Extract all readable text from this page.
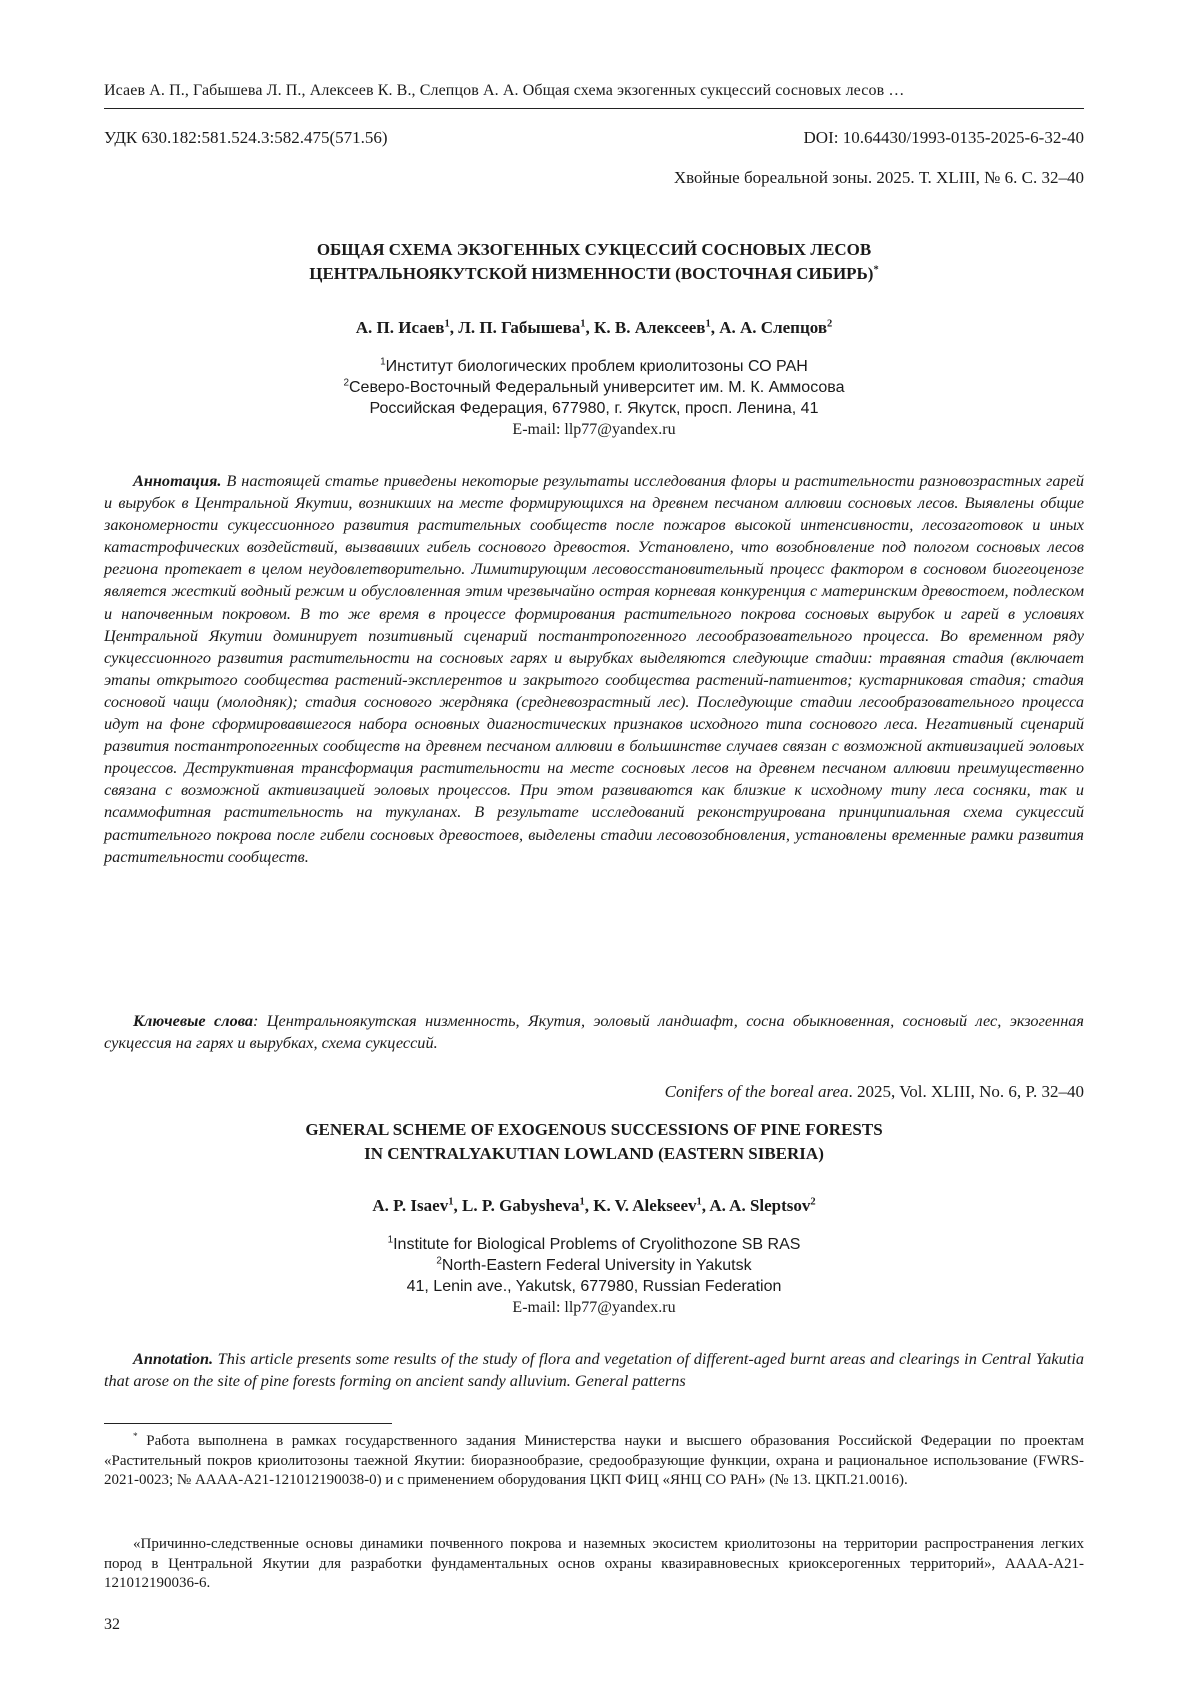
Исаев А. П., Габышева Л. П., Алексеев К. В., Слепцов А. А. Общая схема экзогенных сукцессий сосновых лесов …
УДК 630.182:581.524.3:582.475(571.56)	DOI: 10.64430/1993-0135-2025-6-32-40
Хвойные бореальной зоны. 2025. Т. XLIII, № 6. С. 32–40
ОБЩАЯ СХЕМА ЭКЗОГЕННЫХ СУКЦЕССИЙ СОСНОВЫХ ЛЕСОВ
ЦЕНТРАЛЬНОЯКУТСКОЙ НИЗМЕННОСТИ (ВОСТОЧНАЯ СИБИРЬ)*
А. П. Исаев$^1$, Л. П. Габышева$^1$, К. В. Алексеев$^1$, А. А. Слепцов$^2$
$^1$Институт биологических проблем криолитозоны СО РАН
$^2$Северо-Восточный Федеральный университет им. М. К. Аммосова
Российская Федерация, 677980, г. Якутск, просп. Ленина, 41
E-mail: llp77@yandex.ru

Аннотация. В настоящей статье приведены некоторые результаты исследования флоры и растительности разновозрастных гарей и вырубок в Центральной Якутии, возникших на месте формирующихся на древнем песчаном аллювии сосновых лесов. Выявлены общие закономерности сукцессионного развития растительных сообществ после пожаров высокой интенсивности, лесозаготовок и иных катастрофических воздействий, вызвавших гибель соснового древостоя. Установлено, что возобновление под пологом сосновых лесов региона протекает в целом неудовлетворительно. Лимитирующим лесовосстановительный процесс фактором в сосновом биогеоценозе является жесткий водный режим и обусловленная этим чрезвычайно острая корневая конкуренция с материнским древостоем, подлеском и напочвенным покровом. В то же время в процессе формирования растительного покрова сосновых вырубок и гарей в условиях Центральной Якутии доминирует позитивный сценарий постантропогенного лесообразовательного процесса. Во временном ряду сукцессионного развития растительности на сосновых гарях и вырубках выделяются следующие стадии: травяная стадия (включает этапы открытого сообщества растений-эксплерентов и закрытого сообщества растений-патиентов; кустарниковая стадия; стадия сосновой чащи (молодняк); стадия соснового жердняка (средневозрастный лес). Последующие стадии лесообразовательного процесса идут на фоне сформировавшегося набора основных диагностических признаков исходного типа соснового леса. Негативный сценарий развития постантропогенных сообществ на древнем песчаном аллювии в большинстве случаев связан с возможной активизацией эоловых процессов. Деструктивная трансформация растительности на месте сосновых лесов на древнем песчаном аллювии преимущественно связана с возможной активизацией эоловых процессов. При этом развиваются как близкие к исходному типу леса сосняки, так и псаммофитная растительность на тукуланах. В результате исследований реконструирована принципиальная схема сукцессий растительного покрова после гибели сосновых древостоев, выделены стадии лесовозобновления, установлены временные рамки развития растительности сообществ.

Ключевые слова: Центральноякутская низменность, Якутия, эоловый ландшафт, сосна обыкновенная, сосновый лес, экзогенная сукцессия на гарях и вырубках, схема сукцессий.

Conifers of the boreal area. 2025, Vol. XLIII, No. 6, P. 32–40
GENERAL SCHEME OF EXOGENOUS SUCCESSIONS OF PINE FORESTS
IN CENTRALYAKUTIAN LOWLAND (EASTERN SIBERIA)
A. P. Isaev$^1$, L. P. Gabysheva$^1$, K. V. Alekseev$^1$, A. A. Sleptsov$^2$
$^1$Institute for Biological Problems of Cryolithozone SB RAS
$^2$North-Eastern Federal University in Yakutsk
41, Lenin ave., Yakutsk, 677980, Russian Federation
E-mail: llp77@yandex.ru

Annotation. This article presents some results of the study of flora and vegetation of different-aged burnt areas and clearings in Central Yakutia that arose on the site of pine forests forming on ancient sandy alluvium. General patterns

* Работа выполнена в рамках государственного задания Министерства науки и высшего образования Российской Федерации по проектам «Растительный покров криолитозоны таежной Якутии: биоразнообразие, средообразующие функции, охрана и рациональное использование (FWRS-2021-0023; № АААА-А21-121012190038-0) и с применением оборудования ЦКП ФИЦ «ЯНЦ СО РАН» (№ 13. ЦКП.21.0016).

«Причинно-следственные основы динамики почвенного покрова и наземных экосистем криолитозоны на территории распространения легких пород в Центральной Якутии для разработки фундаментальных основ охраны квазиравновесных криоксерогенных территорий», АААА-А21-121012190036-6.

32
